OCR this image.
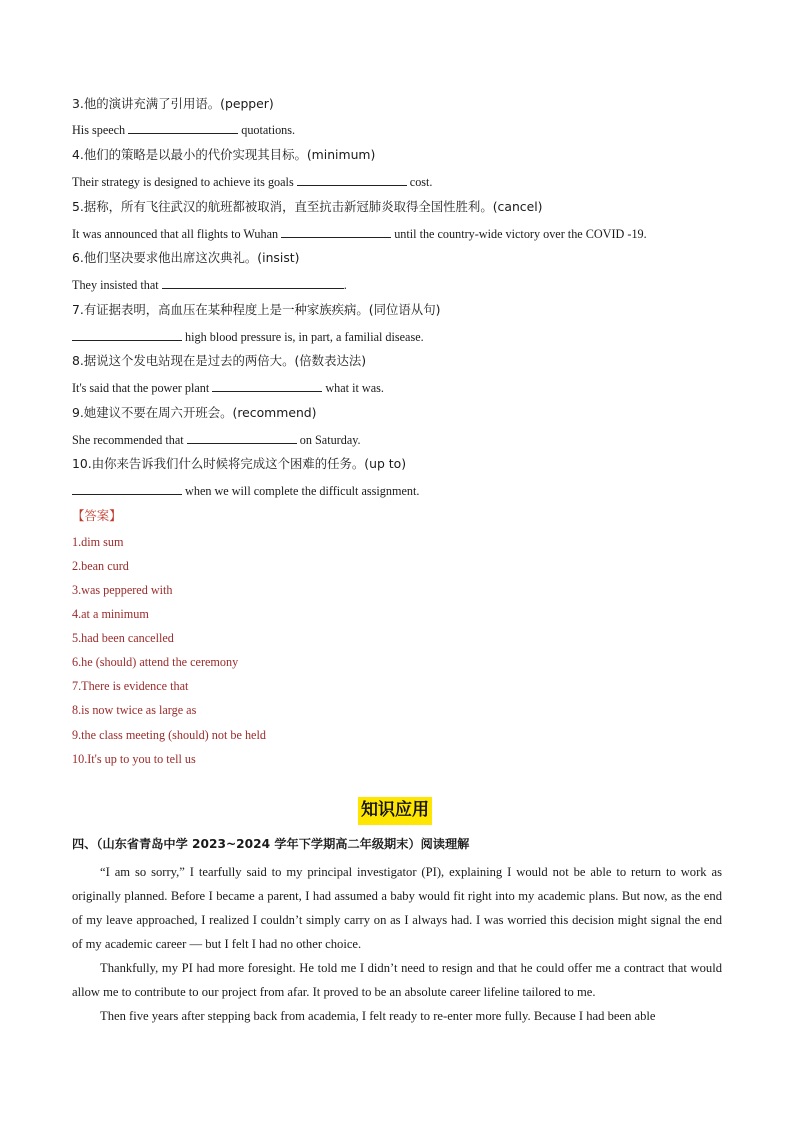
3.他的演讲充满了引用语。(pepper)
His speech	quotations.
4.他们的策略是以最小的代价实现其目标。(minimum)
Their strategy is designed to achieve its goals	cost.
5.据称，所有飞往武汉的航班都被取消，直至抗击新冠肺炎取得全国性胜利。(cancel)
It was announced that all flights to Wuhan	until the country-wide victory over the COVID -19.
6.他们坚决要求他出席这次典礼。(insist)
They insisted that	.
7.有证据表明，高血压在某种程度上是一种家族疾病。(同位语从句)
high blood pressure is, in part, a familial disease.
8.据说这个发电站现在是过去的两倍大。(倍数表达法)
It's said that the power plant	what it was.
9.她建议不要在周六开班会。(recommend)
She recommended that	on Saturday.
10.由你来告诉我们什么时候将完成这个困难的任务。(up to)
when we will complete the difficult assignment.
【答案】
1.dim sum
2.bean curd
3.was peppered with
4.at a minimum
5.had been cancelled
6.he (should) attend the ceremony
7.There is evidence that
8.is now twice as large as
9.the class meeting (should) not be held
10.It's up to you to tell us
知识应用
四、（山东省青岛中学 2023~2024 学年下学期高二年级期末）阅读理解
“I am so sorry,” I tearfully said to my principal investigator (PI), explaining I would not be able to return to work as originally planned. Before I became a parent, I had assumed a baby would fit right into my academic plans. But now, as the end of my leave approached, I realized I couldn’t simply carry on as I always had. I was worried this decision might signal the end of my academic career — but I felt I had no other choice.
Thankfully, my PI had more foresight. He told me I didn’t need to resign and that he could offer me a contract that would allow me to contribute to our project from afar. It proved to be an absolute career lifeline tailored to me.
Then five years after stepping back from academia, I felt ready to re-enter more fully. Because I had been able
